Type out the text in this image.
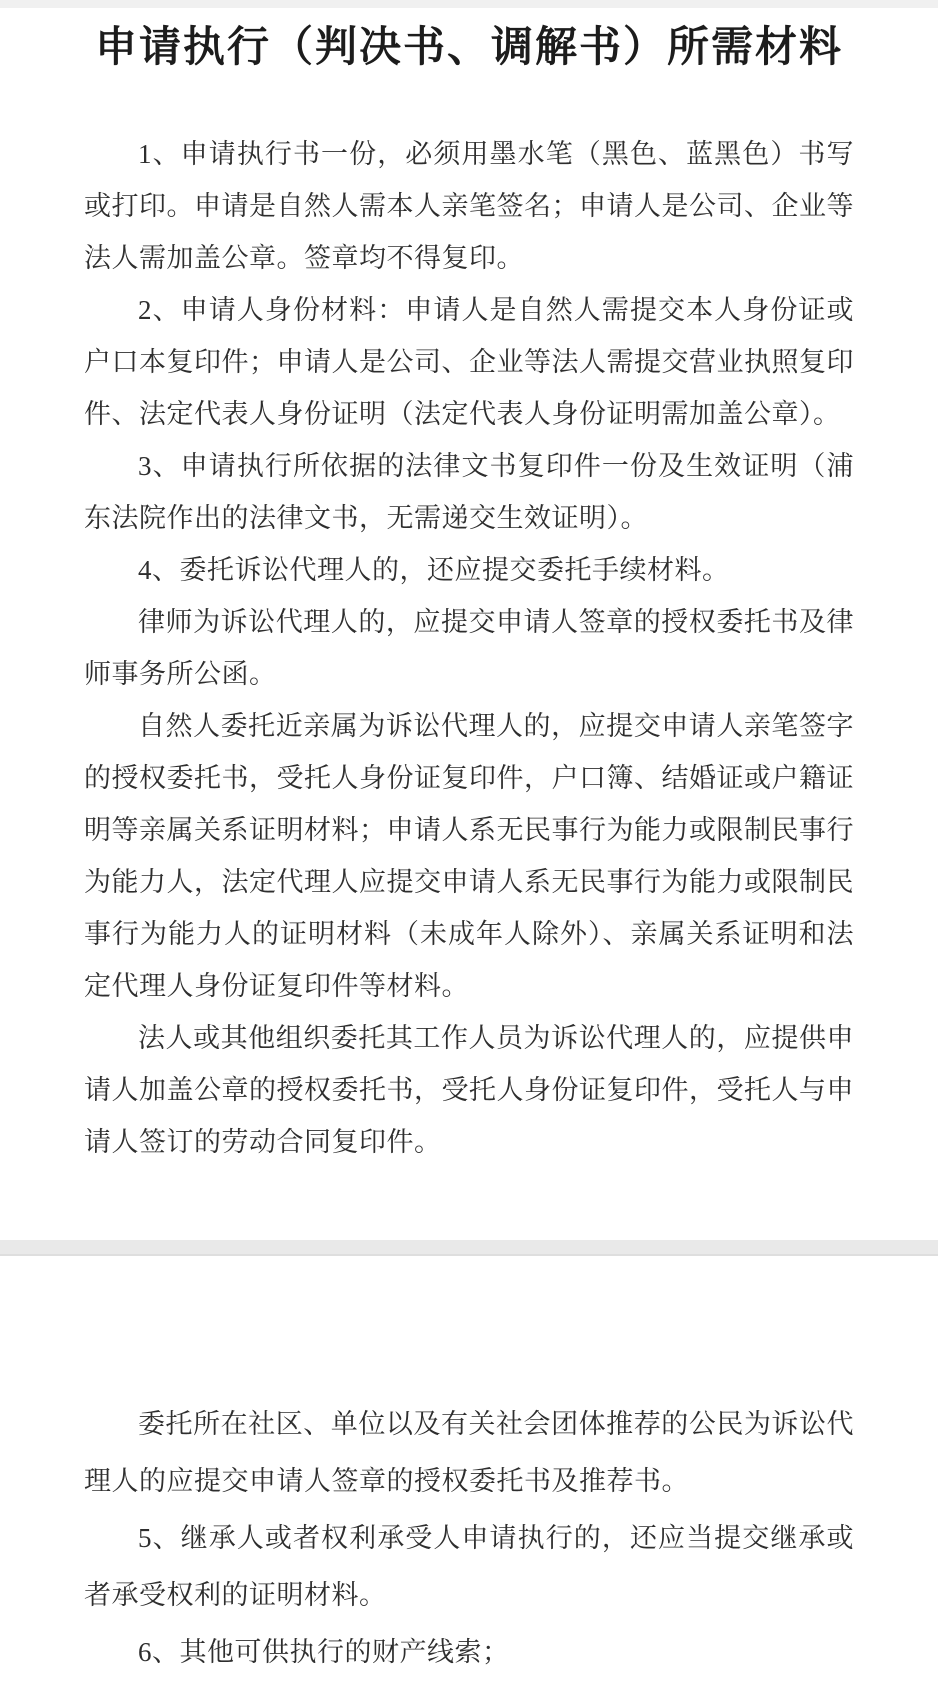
申请执行（判决书、调解书）所需材料

1、申请执行书一份，必须用墨水笔（黑色、蓝黑色）书写或打印。申请是自然人需本人亲笔签名；申请人是公司、企业等法人需加盖公章。签章均不得复印。

2、申请人身份材料：申请人是自然人需提交本人身份证或户口本复印件；申请人是公司、企业等法人需提交营业执照复印件、法定代表人身份证明（法定代表人身份证明需加盖公章）。

3、申请执行所依据的法律文书复印件一份及生效证明（浦东法院作出的法律文书，无需递交生效证明）。

4、委托诉讼代理人的，还应提交委托手续材料。

律师为诉讼代理人的，应提交申请人签章的授权委托书及律师事务所公函。

自然人委托近亲属为诉讼代理人的，应提交申请人亲笔签字的授权委托书，受托人身份证复印件，户口簿、结婚证或户籍证明等亲属关系证明材料；申请人系无民事行为能力或限制民事行为能力人，法定代理人应提交申请人系无民事行为能力或限制民事行为能力人的证明材料（未成年人除外）、亲属关系证明和法定代理人身份证复印件等材料。

法人或其他组织委托其工作人员为诉讼代理人的，应提供申请人加盖公章的授权委托书，受托人身份证复印件，受托人与申请人签订的劳动合同复印件。

委托所在社区、单位以及有关社会团体推荐的公民为诉讼代理人的应提交申请人签章的授权委托书及推荐书。

5、继承人或者权利承受人申请执行的，还应当提交继承或者承受权利的证明材料。

6、其他可供执行的财产线索；
